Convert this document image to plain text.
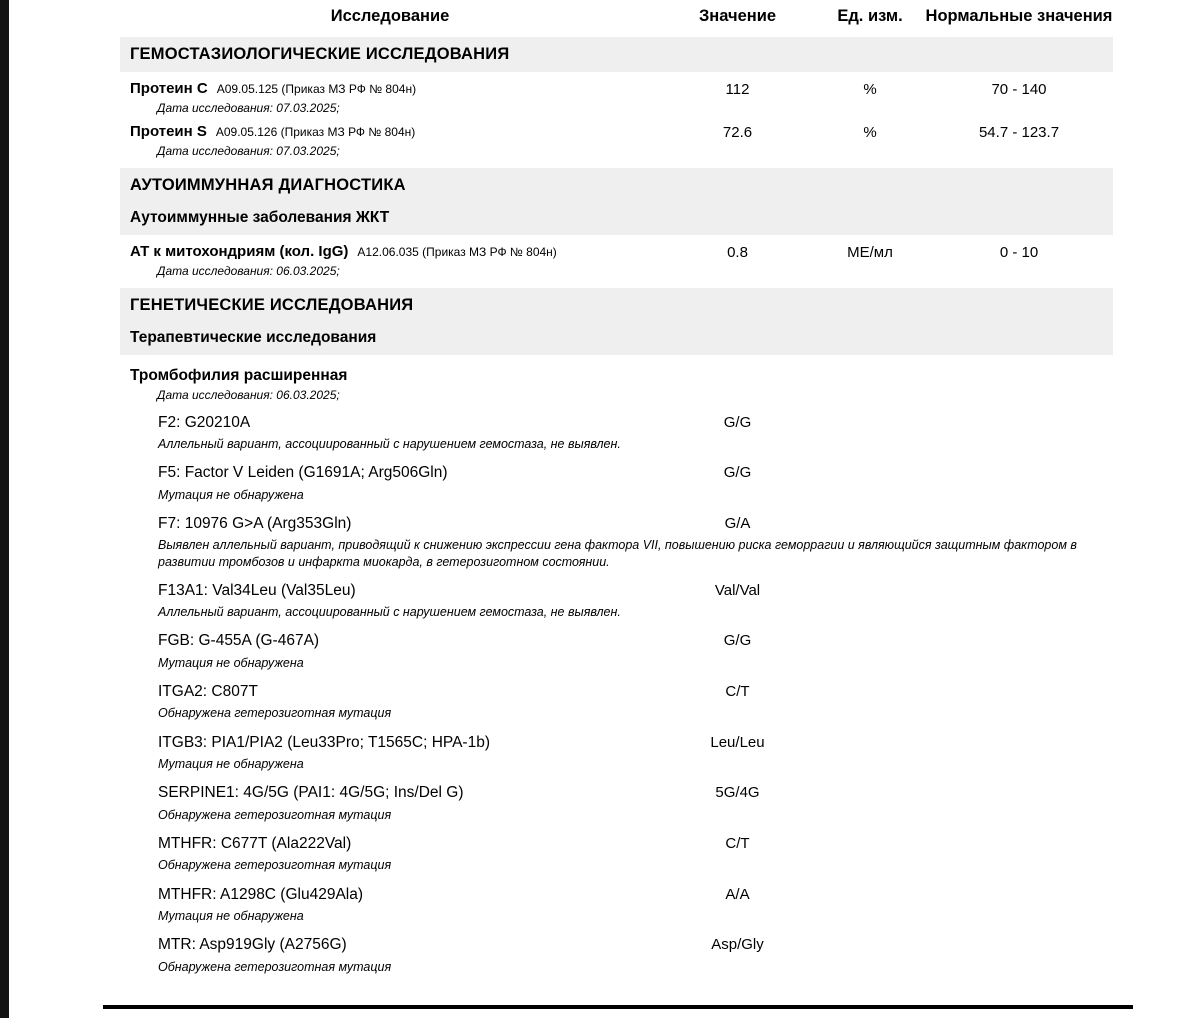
Исследование	Значение	Ед. изм.	Нормальные значения
ГЕМОСТАЗИОЛОГИЧЕСКИЕ ИССЛЕДОВАНИЯ
Протеин C А09.05.125 (Приказ МЗ РФ № 804н)	112	%	70 - 140
Дата исследования: 07.03.2025;
Протеин S А09.05.126 (Приказ МЗ РФ № 804н)	72.6	%	54.7 - 123.7
Дата исследования: 07.03.2025;
АУТОИММУННАЯ ДИАГНОСТИКА
Аутоиммунные заболевания ЖКТ
АТ к митохондриям (кол. IgG) А12.06.035 (Приказ МЗ РФ № 804н)	0.8	МЕ/мл	0 - 10
Дата исследования: 06.03.2025;
ГЕНЕТИЧЕСКИЕ ИССЛЕДОВАНИЯ
Терапевтические исследования
Тромбофилия расширенная
Дата исследования: 06.03.2025;
F2: G20210A	G/G
Аллельный вариант, ассоциированный с нарушением гемостаза, не выявлен.
F5: Factor V Leiden (G1691A; Arg506Gln)	G/G
Мутация не обнаружена
F7: 10976 G>A (Arg353Gln)	G/A
Выявлен аллельный вариант, приводящий к снижению экспрессии гена фактора VII, повышению риска геморрагии и являющийся защитным фактором в развитии тромбозов и инфаркта миокарда, в гетерозиготном состоянии.
F13A1: Val34Leu (Val35Leu)	Val/Val
Аллельный вариант, ассоциированный с нарушением гемостаза, не выявлен.
FGB: G-455A (G-467A)	G/G
Мутация не обнаружена
ITGA2: C807T	C/T
Обнаружена гетерозиготная мутация
ITGB3: PIA1/PIA2 (Leu33Pro; T1565C; HPA-1b)	Leu/Leu
Мутация не обнаружена
SERPINE1: 4G/5G (PAI1: 4G/5G; Ins/Del G)	5G/4G
Обнаружена гетерозиготная мутация
MTHFR: C677T (Ala222Val)	C/T
Обнаружена гетерозиготная мутация
MTHFR: A1298C (Glu429Ala)	A/A
Мутация не обнаружена
MTR: Asp919Gly (A2756G)	Asp/Gly
Обнаружена гетерозиготная мутация
